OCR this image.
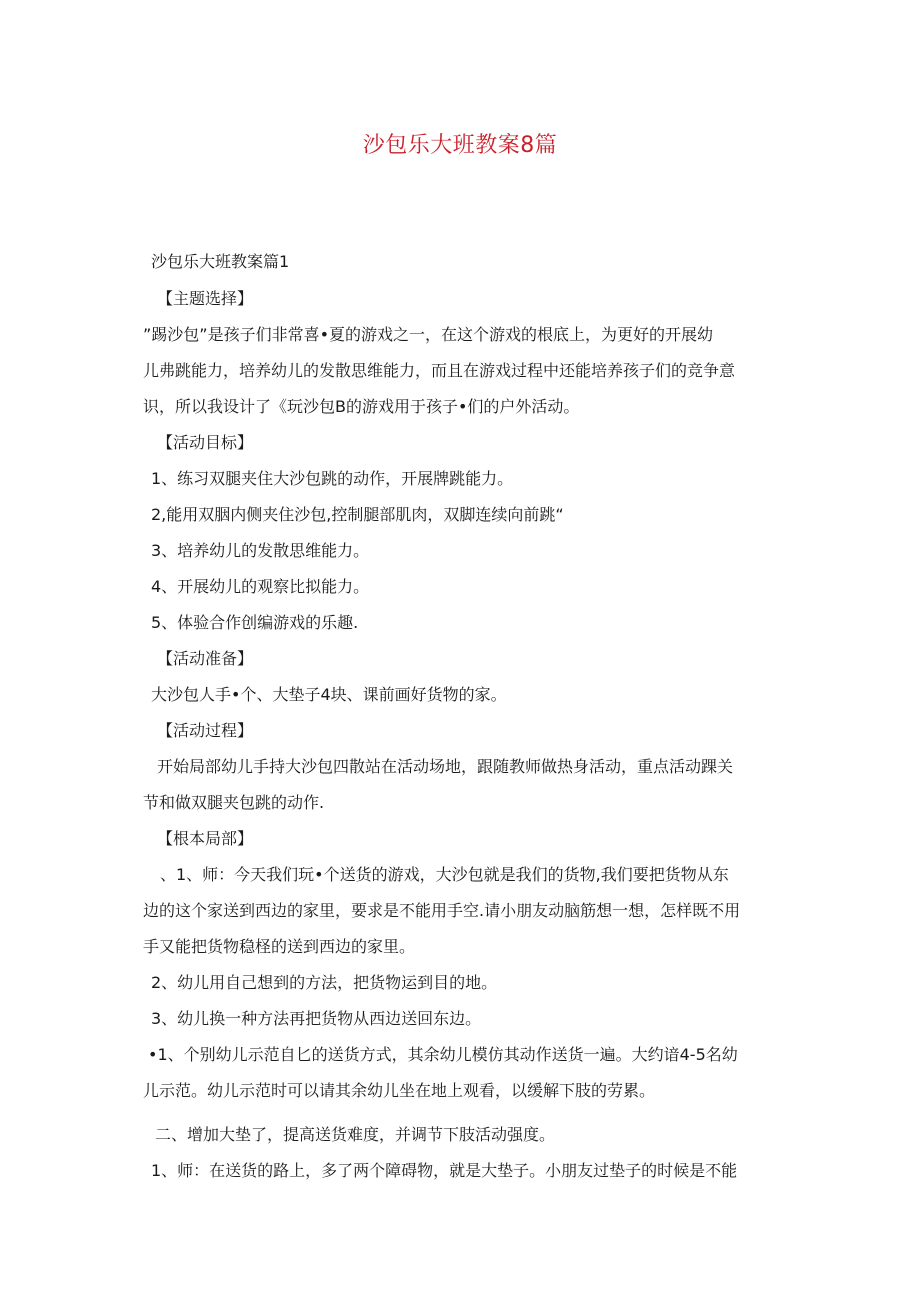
沙包乐大班教案8篇

沙包乐大班教案篇1

【主题选择】

”踢沙包”是孩子们非常喜•夏的游戏之一，在这个游戏的根底上，为更好的开展幼

儿弗跳能力，培养幼儿的发散思维能力，而且在游戏过程中还能培养孩子们的竞争意

识，所以我设计了《玩沙包B的游戏用于孩子•们的户外活动。

【活动目标】

1、练习双腿夹住大沙包跳的动作，开展牌跳能力。

2,能用双胭内侧夹住沙包,控制腿部肌肉，双脚连续向前跳“

3、培养幼儿的发散思维能力。

4、开展幼儿的观察比拟能力。

5、体验合作创编游戏的乐趣.

【活动准备】

大沙包人手•个、大垫子4块、课前画好货物的家。

【活动过程】

开始局部幼儿手持大沙包四散站在活动场地，跟随教师做热身活动，重点活动踝关

节和做双腿夹包跳的动作.

【根本局部】

、1、师：今天我们玩•个送货的游戏，大沙包就是我们的货物,我们要把货物从东

边的这个家送到西边的家里，要求是不能用手空.请小朋友动脑筋想一想，怎样既不用

手又能把货物稳柽的送到西边的家里。

2、幼儿用自己想到的方法，把货物运到目的地。

3、幼儿换一种方法再把货物从西边送回东边。

•1、个别幼儿示范自匕的送货方式，其余幼儿模仿其动作送货一遍。大约谙4-5名幼

儿示范。幼儿示范时可以请其余幼儿坐在地上观看，以缓解下肢的劳累。

二、增加大垫了，提高送货难度，并调节下肢活动强度。

1、师：在送货的路上，多了两个障碍物，就是大垫子。小朋友过垫子的时候是不能
